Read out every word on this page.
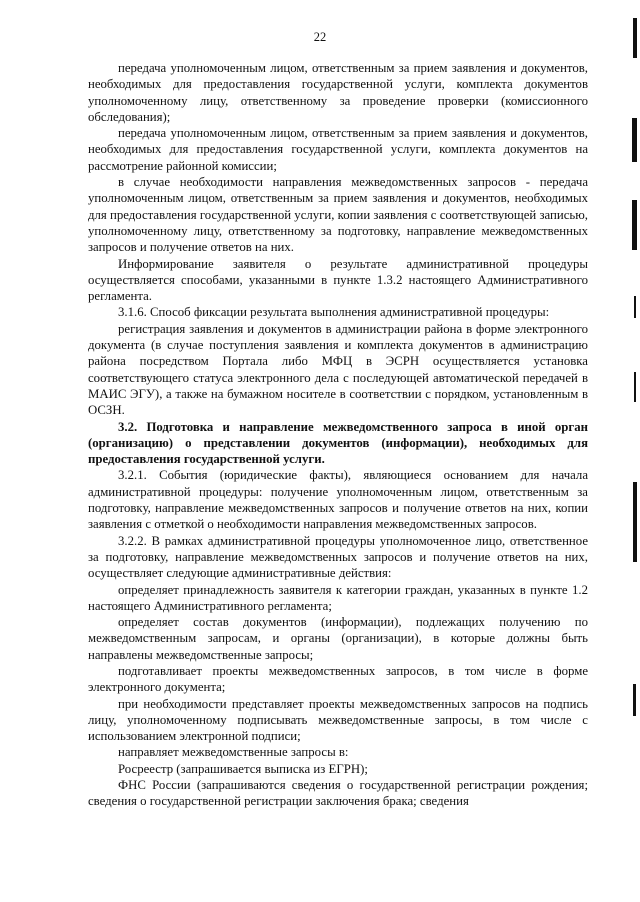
22

передача уполномоченным лицом, ответственным за прием заявления и документов, необходимых для предоставления государственной услуги, комплекта документов уполномоченному лицу, ответственному за проведение проверки (комиссионного обследования);

передача уполномоченным лицом, ответственным за прием заявления и документов, необходимых для предоставления государственной услуги, комплекта документов на рассмотрение районной комиссии;

в случае необходимости направления межведомственных запросов - передача уполномоченным лицом, ответственным за прием заявления и документов, необходимых для предоставления государственной услуги, копии заявления с соответствующей записью, уполномоченному лицу, ответственному за подготовку, направление межведомственных запросов и получение ответов на них.

Информирование заявителя о результате административной процедуры осуществляется способами, указанными в пункте 1.3.2 настоящего Административного регламента.

3.1.6. Способ фиксации результата выполнения административной процедуры:

регистрация заявления и документов в администрации района в форме электронного документа (в случае поступления заявления и комплекта документов в администрацию района посредством Портала либо МФЦ в ЭСРН осуществляется установка соответствующего статуса электронного дела с последующей автоматической передачей в МАИС ЭГУ), а также на бумажном носителе в соответствии с порядком, установленным в ОСЗН.

3.2. Подготовка и направление межведомственного запроса в иной орган (организацию) о представлении документов (информации), необходимых для предоставления государственной услуги.

3.2.1. События (юридические факты), являющиеся основанием для начала административной процедуры: получение уполномоченным лицом, ответственным за подготовку, направление межведомственных запросов и получение ответов на них, копии заявления с отметкой о необходимости направления межведомственных запросов.

3.2.2. В рамках административной процедуры уполномоченное лицо, ответственное за подготовку, направление межведомственных запросов и получение ответов на них, осуществляет следующие административные действия:

определяет принадлежность заявителя к категории граждан, указанных в пункте 1.2 настоящего Административного регламента;

определяет состав документов (информации), подлежащих получению по межведомственным запросам, и органы (организации), в которые должны быть направлены межведомственные запросы;

подготавливает проекты межведомственных запросов, в том числе в форме электронного документа;

при необходимости представляет проекты межведомственных запросов на подпись лицу, уполномоченному подписывать межведомственные запросы, в том числе с использованием электронной подписи;

направляет межведомственные запросы в:

Росреестр (запрашивается выписка из ЕГРН);

ФНС России (запрашиваются сведения о государственной регистрации рождения; сведения о государственной регистрации заключения брака; сведения
